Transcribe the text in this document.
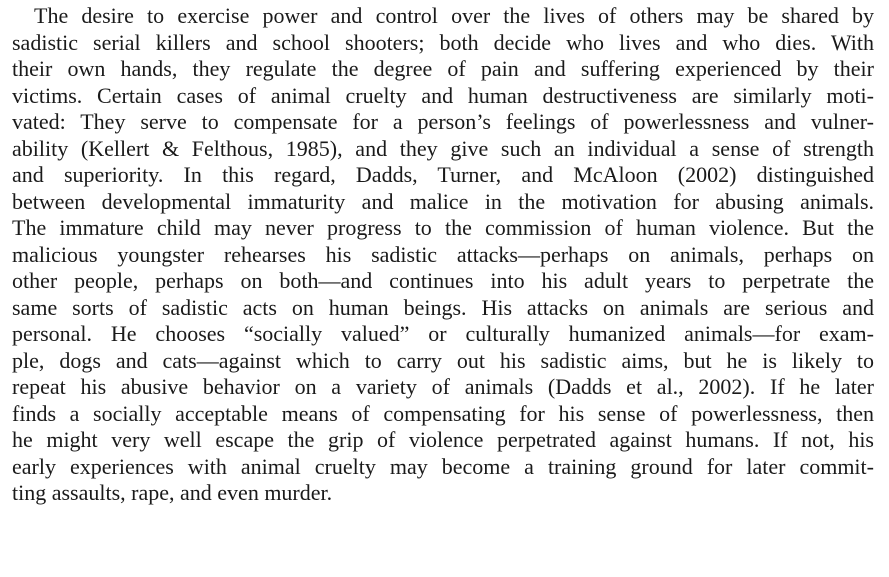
The desire to exercise power and control over the lives of others may be shared by
sadistic serial killers and school shooters; both decide who lives and who dies. With
their own hands, they regulate the degree of pain and suffering experienced by their
victims. Certain cases of animal cruelty and human destructiveness are similarly moti-
vated: They serve to compensate for a person’s feelings of powerlessness and vulner-
ability (Kellert & Felthous, 1985), and they give such an individual a sense of strength
and superiority. In this regard, Dadds, Turner, and McAloon (2002) distinguished
between developmental immaturity and malice in the motivation for abusing animals.
The immature child may never progress to the commission of human violence. But the
malicious youngster rehearses his sadistic attacks—perhaps on animals, perhaps on
other people, perhaps on both—and continues into his adult years to perpetrate the
same sorts of sadistic acts on human beings. His attacks on animals are serious and
personal. He chooses “socially valued” or culturally humanized animals—for exam-
ple, dogs and cats—against which to carry out his sadistic aims, but he is likely to
repeat his abusive behavior on a variety of animals (Dadds et al., 2002). If he later
finds a socially acceptable means of compensating for his sense of powerlessness, then
he might very well escape the grip of violence perpetrated against humans. If not, his
early experiences with animal cruelty may become a training ground for later commit-
ting assaults, rape, and even murder.
